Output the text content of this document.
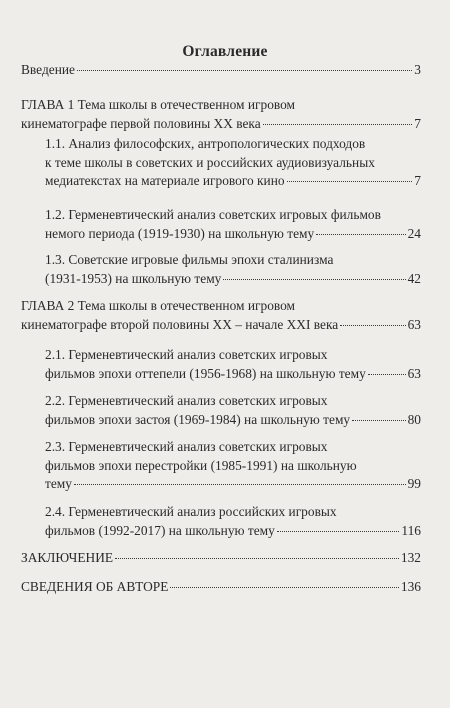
Оглавление
Введение	3
ГЛАВА 1 Тема школы в отечественном игровом
кинематографе первой половины XX века	7
1.1. Анализ философских, антропологических подходов
к теме школы в советских и российских аудиовизуальных
медиатекстах на материале игрового кино	7
1.2. Герменевтический анализ советских игровых фильмов
немого периода (1919-1930) на школьную тему	24
1.3. Советские игровые фильмы эпохи сталинизма
(1931-1953) на школьную тему	42
ГЛАВА 2 Тема школы в отечественном игровом
кинематографе второй половины XX – начале XXI века	63
2.1. Герменевтический анализ советских игровых
фильмов эпохи оттепели (1956-1968) на школьную тему	63
2.2. Герменевтический анализ советских игровых
фильмов эпохи застоя (1969-1984) на школьную тему	80
2.3. Герменевтический анализ советских игровых
фильмов эпохи перестройки (1985-1991) на школьную
тему	99
2.4. Герменевтический анализ российских игровых
фильмов (1992-2017) на школьную тему	116
ЗАКЛЮЧЕНИЕ	132
СВЕДЕНИЯ ОБ АВТОРЕ	136
